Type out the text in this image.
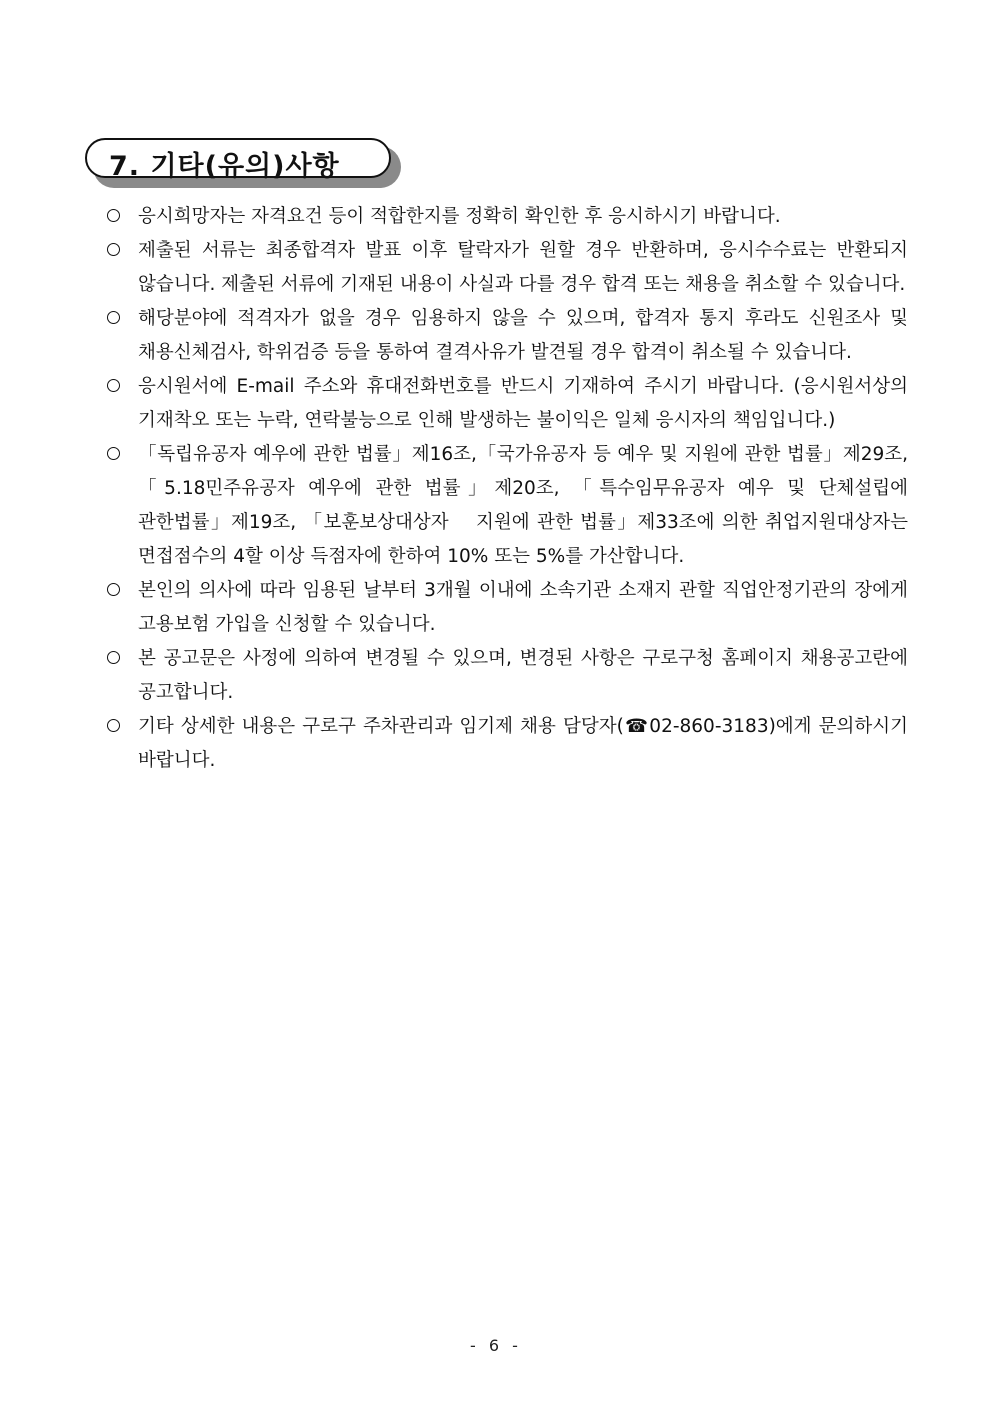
7. 기타(유의)사항
응시희망자는 자격요건 등이 적합한지를 정확히 확인한 후 응시하시기 바랍니다.
제출된 서류는 최종합격자 발표 이후 탈락자가 원할 경우 반환하며, 응시수수료는 반환되지 않습니다. 제출된 서류에 기재된 내용이 사실과 다를 경우 합격 또는 채용을 취소할 수 있습니다.
해당분야에 적격자가 없을 경우 임용하지 않을 수 있으며, 합격자 통지 후라도 신원조사 및 채용신체검사, 학위검증 등을 통하여 결격사유가 발견될 경우 합격이 취소될 수 있습니다.
응시원서에 E-mail 주소와 휴대전화번호를 반드시 기재하여 주시기 바랍니다. (응시원서상의 기재착오 또는 누락, 연락불능으로 인해 발생하는 불이익은 일체 응시자의 책임입니다.)
「독립유공자 예우에 관한 법률」제16조,「국가유공자 등 예우 및 지원에 관한 법률」제29조, 「5.18민주유공자 예우에 관한 법률」제20조, 「특수임무유공자 예우 및 단체설립에 관한법률」제19조, 「보훈보상대상자 　지원에 관한 법률」제33조에 의한 취업지원대상자는 면접점수의 4할 이상 득점자에 한하여 10% 또는 5%를 가산합니다.
본인의 의사에 따라 임용된 날부터 3개월 이내에 소속기관 소재지 관할 직업안정기관의 장에게 고용보험 가입을 신청할 수 있습니다.
본 공고문은 사정에 의하여 변경될 수 있으며, 변경된 사항은 구로구청 홈페이지 채용공고란에 공고합니다.
기타 상세한 내용은 구로구 주차관리과 임기제 채용 담당자(☎02-860-3183)에게 문의하시기 바랍니다.
- 6 -
